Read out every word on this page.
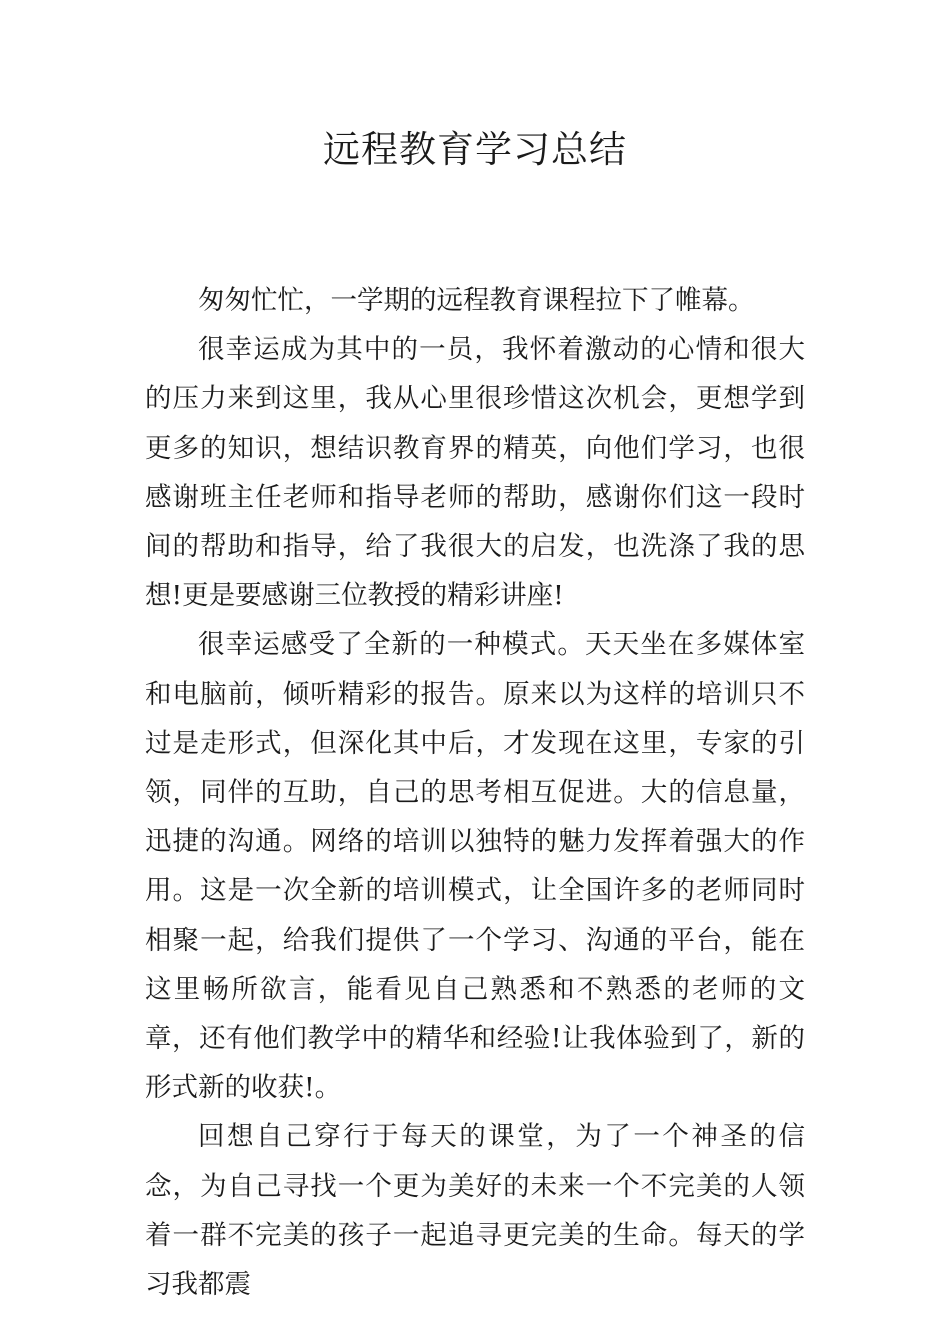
远程教育学习总结

匆匆忙忙，一学期的远程教育课程拉下了帷幕。

很幸运成为其中的一员，我怀着激动的心情和很大的压力来到这里，我从心里很珍惜这次机会，更想学到更多的知识，想结识教育界的精英，向他们学习，也很感谢班主任老师和指导老师的帮助，感谢你们这一段时间的帮助和指导，给了我很大的启发，也洗涤了我的思想!更是要感谢三位教授的精彩讲座!

很幸运感受了全新的一种模式。天天坐在多媒体室和电脑前，倾听精彩的报告。原来以为这样的培训只不过是走形式，但深化其中后，才发现在这里，专家的引领，同伴的互助，自己的思考相互促进。大的信息量，迅捷的沟通。网络的培训以独特的魅力发挥着强大的作用。这是一次全新的培训模式，让全国许多的老师同时相聚一起，给我们提供了一个学习、沟通的平台，能在这里畅所欲言，能看见自己熟悉和不熟悉的老师的文章，还有他们教学中的精华和经验!让我体验到了，新的形式新的收获!。

回想自己穿行于每天的课堂，为了一个神圣的信念，为自己寻找一个更为美好的未来一个不完美的人领着一群不完美的孩子一起追寻更完美的生命。每天的学习我都震
